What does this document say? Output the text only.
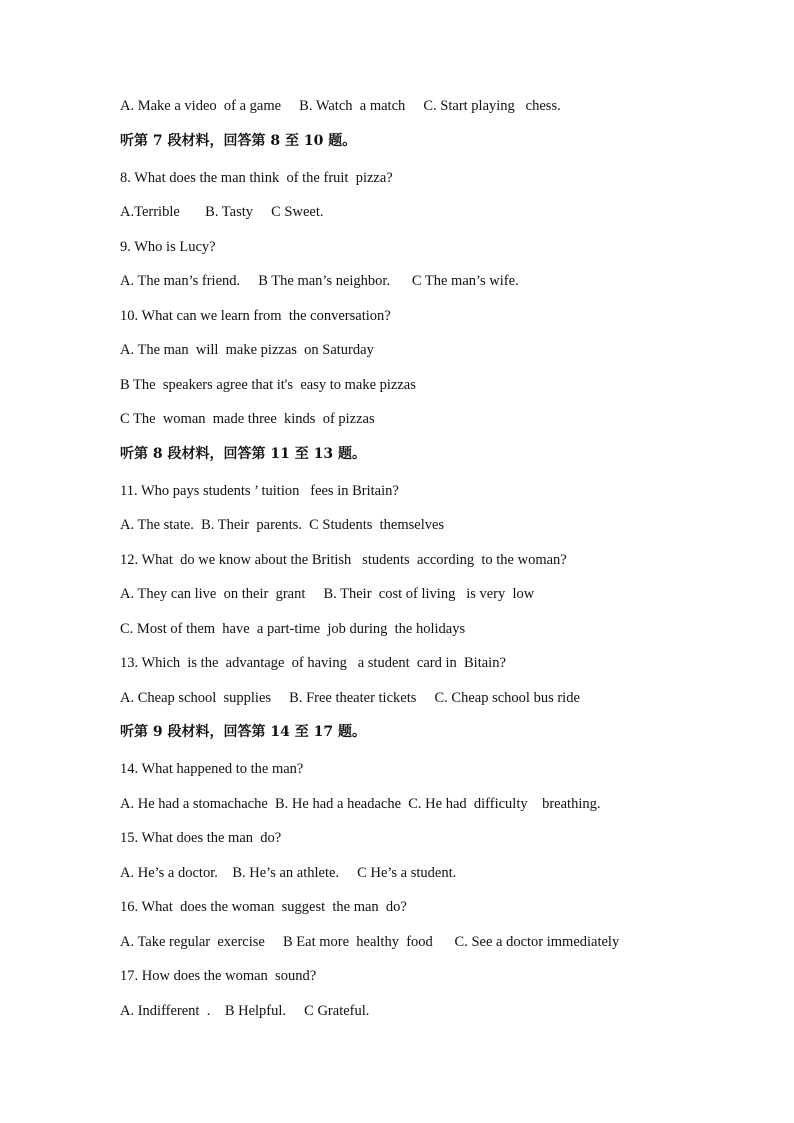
A. Make a video  of a game     B. Watch  a match     C. Start playing   chess.
听第 7 段材料，回答第 8 至 10 题。
8. What does the man think  of the fruit  pizza?
A.Terrible       B. Tasty     C Sweet.
9. Who is Lucy?
A. The man’s friend.     B The man’s neighbor.      C The man’s wife.
10. What can we learn from  the conversation?
A. The man  will  make pizzas  on Saturday
B The  speakers agree that it's  easy to make pizzas
C The  woman  made three  kinds  of pizzas
听第 8 段材料，回答第 11 至 13 题。
11. Who pays students ’ tuition   fees in Britain?
A. The state.  B. Their  parents.  C Students  themselves
12. What  do we know about the British   students  according  to the woman?
A. They can live  on their  grant     B. Their  cost of living   is very  low
C. Most of them  have  a part-time  job during  the holidays
13. Which  is the  advantage  of having   a student  card in  Bitain?
A. Cheap school  supplies     B. Free theater tickets     C. Cheap school bus ride
听第 9 段材料，回答第 14 至 17 题。
14. What happened to the man?
A. He had a stomachache  B. He had a headache  C. He had  difficulty    breathing.
15. What does the man  do?
A. He’s a doctor.    B. He’s an athlete.     C He’s a student.
16. What  does the woman  suggest  the man  do?
A. Take regular  exercise     B Eat more  healthy  food      C. See a doctor immediately
17. How does the woman  sound?
A. Indifferent  .    B Helpful.     C Grateful.
